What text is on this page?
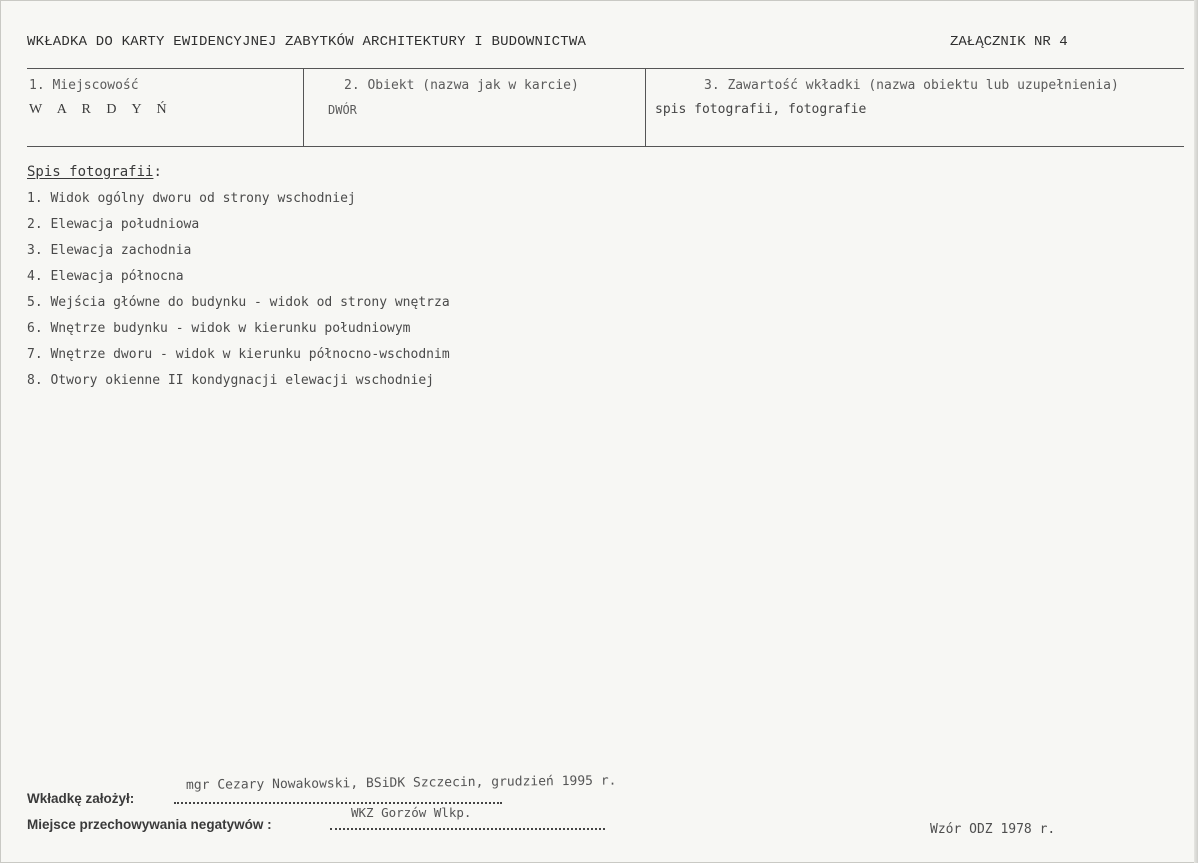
WKŁADKA DO KARTY EWIDENCYJNEJ ZABYTKÓW ARCHITEKTURY I BUDOWNICTWA	ZAŁĄCZNIK NR 4
1. Miejscowość
W A R D Y Ń
2. Obiekt (nazwa jak w karcie)
DWÓR
3. Zawartość wkładki (nazwa obiektu lub uzupełnienia)
spis fotografii, fotografie
Spis fotografii:
1. Widok ogólny dworu od strony wschodniej
2. Elewacja południowa
3. Elewacja zachodnia
4. Elewacja północna
5. Wejścia główne do budynku - widok od strony wnętrza
6. Wnętrze budynku - widok w kierunku południowym
7. Wnętrze dworu - widok w kierunku północno-wschodnim
8. Otwory okienne II kondygnacji elewacji wschodniej
Wkładkę założył:
mgr Cezary Nowakowski, BSiDK Szczecin, grudzień 1995 r.
Miejsce przechowywania negatywów :
WKZ Gorzów Wlkp.
Wzór ODZ 1978 r.
